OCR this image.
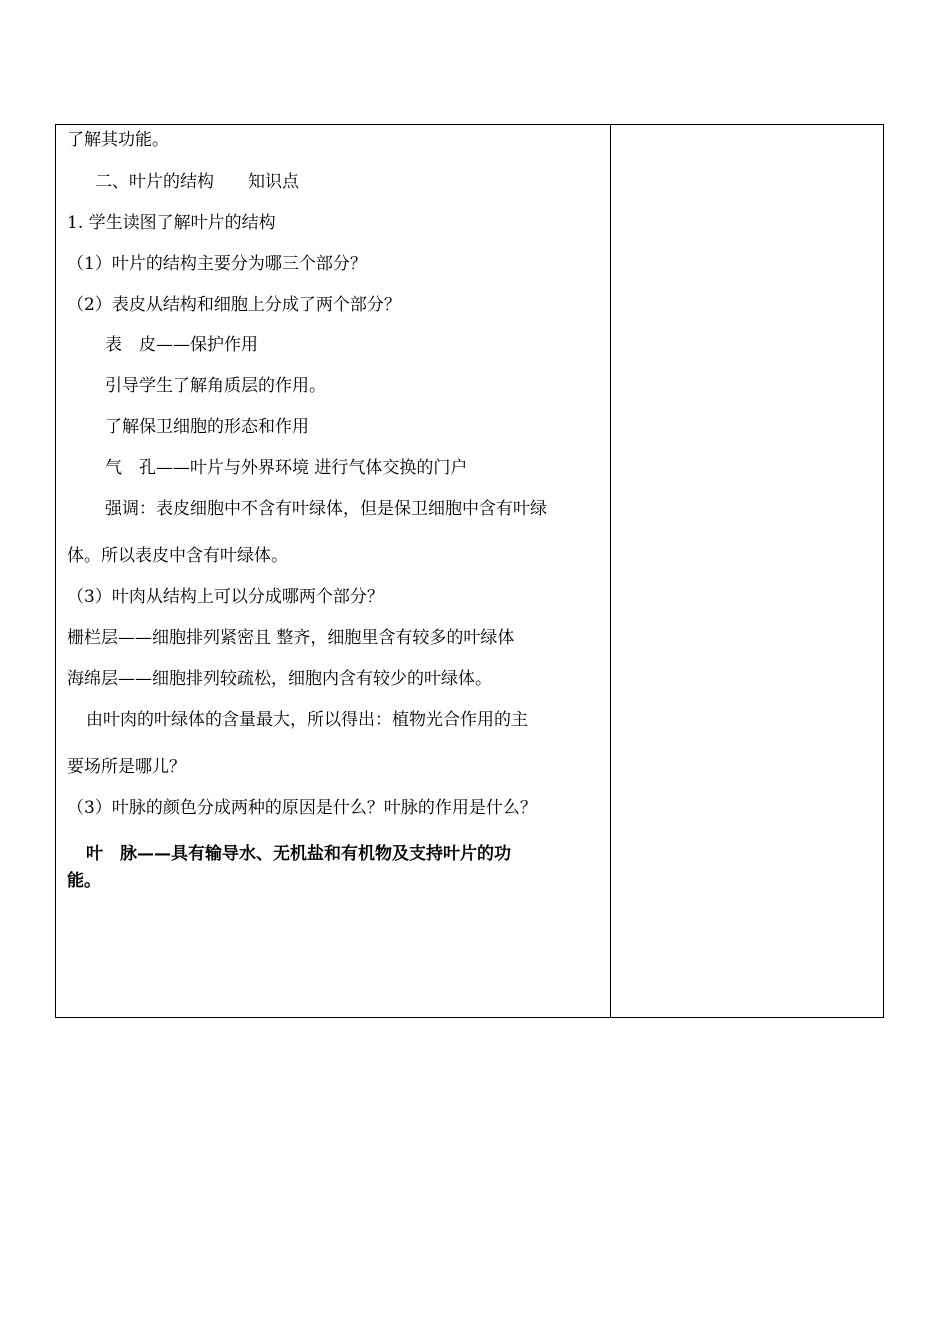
了解其功能。
二、叶片的结构　　知识点
1. 学生读图了解叶片的结构
（1）叶片的结构主要分为哪三个部分？
（2）表皮从结构和细胞上分成了两个部分？
表　皮——保护作用
引导学生了解角质层的作用。
了解保卫细胞的形态和作用
气　孔——叶片与外界环境 进行气体交换的门户
强调：表皮细胞中不含有叶绿体，但是保卫细胞中含有叶绿
体。所以表皮中含有叶绿体。
（3）叶肉从结构上可以分成哪两个部分？
栅栏层——细胞排列紧密且 整齐，细胞里含有较多的叶绿体
海绵层——细胞排列较疏松，细胞内含有较少的叶绿体。
由叶肉的叶绿体的含量最大，所以得出：植物光合作用的主
要场所是哪儿？
（3）叶脉的颜色分成两种的原因是什么？叶脉的作用是什么？
叶　脉——具有输导水、无机盐和有机物及支持叶片的功
能。
